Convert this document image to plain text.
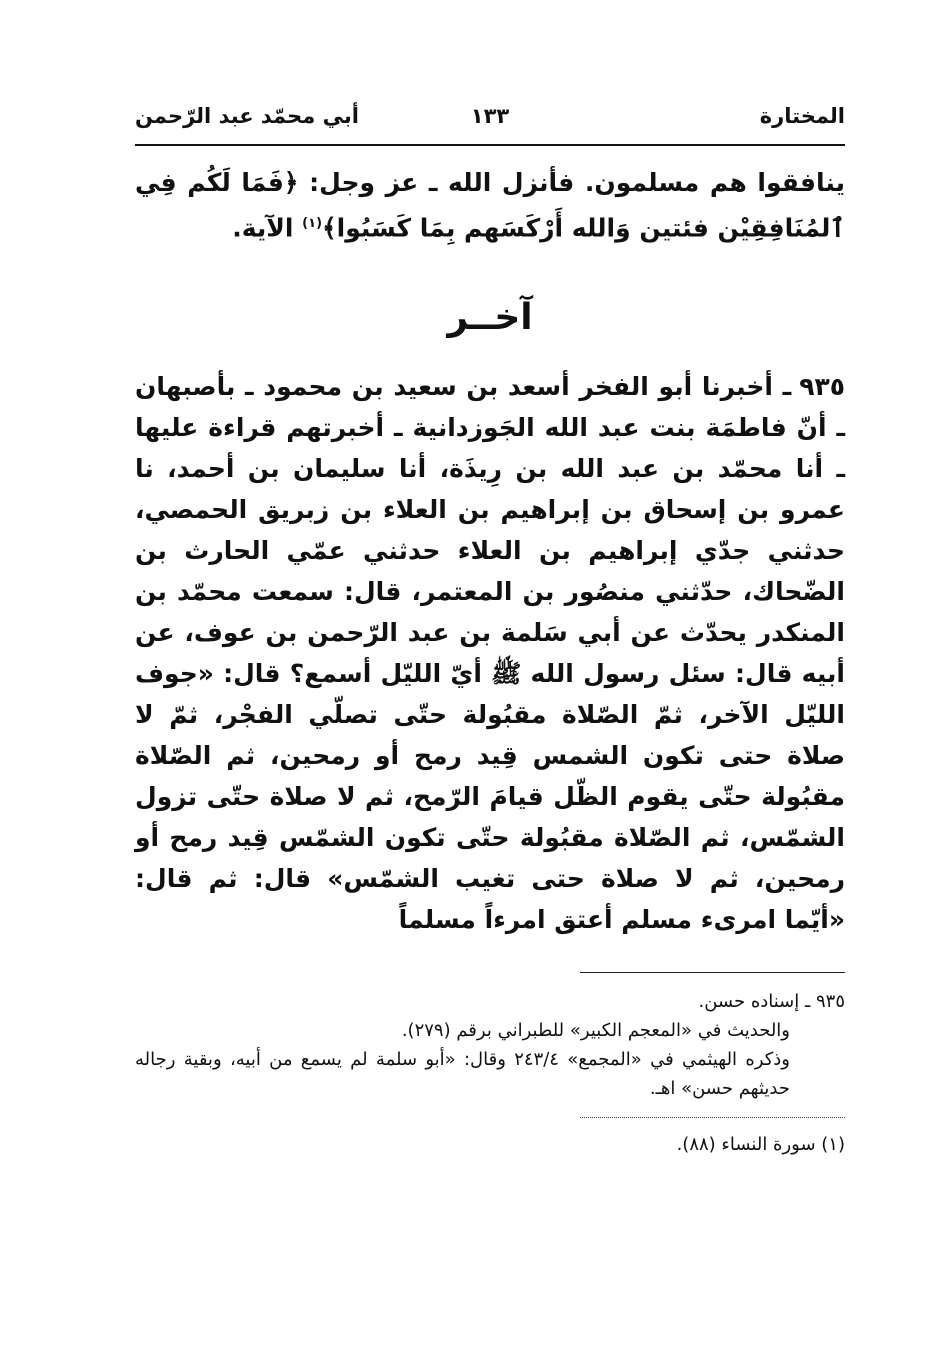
المختارة
١٣٣
أبي محمّد عبد الرّحمن

ينافقوا هم مسلمون. فأنزل الله ـ عز وجل: ﴿فَمَا لَكُم فِي ٱلمُنَافِقِيْن فئتين وَالله أَرْكَسَهم بِمَا كَسَبُوا﴾$^{(١)}$ الآية.

آخــر

٩٣٥ـ أخبرنا أبو الفخر أسعد بن سعيد بن محمود ـ بأصبهان ـ أنّ فاطمَة بنت عبد الله الجَوزدانية ـ أخبرتهم قراءة عليها ـ أنا محمّد بن عبد الله بن رِيذَة، أنا سليمان بن أحمد، نا عمرو بن إسحاق بن إبراهيم بن العلاء بن زبريق الحمصي، حدثني جدّي إبراهيم بن العلاء حدثني عمّي الحارث بن الضّحاك، حدّثني منصُور بن المعتمر، قال: سمعت محمّد بن المنكدر يحدّث عن أبي سَلمة بن عبد الرّحمن بن عوف، عن أبيه قال: سئل رسول الله ﷺ أيّ الليّل أسمع؟ قال: «جوف الليّل الآخر، ثمّ الصّلاة مقبُولة حتّى تصلّي الفجْر، ثمّ لا صلاة حتى تكون الشمس قِيد رمح أو رمحين، ثم الصّلاة مقبُولة حتّى يقوم الظّل قيامَ الرّمح، ثم لا صلاة حتّى تزول الشمّس، ثم الصّلاة مقبُولة حتّى تكون الشمّس قِيد رمح أو رمحين، ثم لا صلاة حتى تغيب الشمّس» قال: ثم قال: «أيّما امرىء مسلم أعتق امرءاً مسلماً

٩٣٥ ـ إسناده حسن.

والحديث في «المعجم الكبير» للطبراني برقم (٢٧٩).

وذكره الهيثمي في «المجمع» ٢٤٣/٤ وقال: «أبو سلمة لم يسمع من أبيه، وبقية رجاله حديثهم حسن» اهـ.

(١) سورة النساء (٨٨).
